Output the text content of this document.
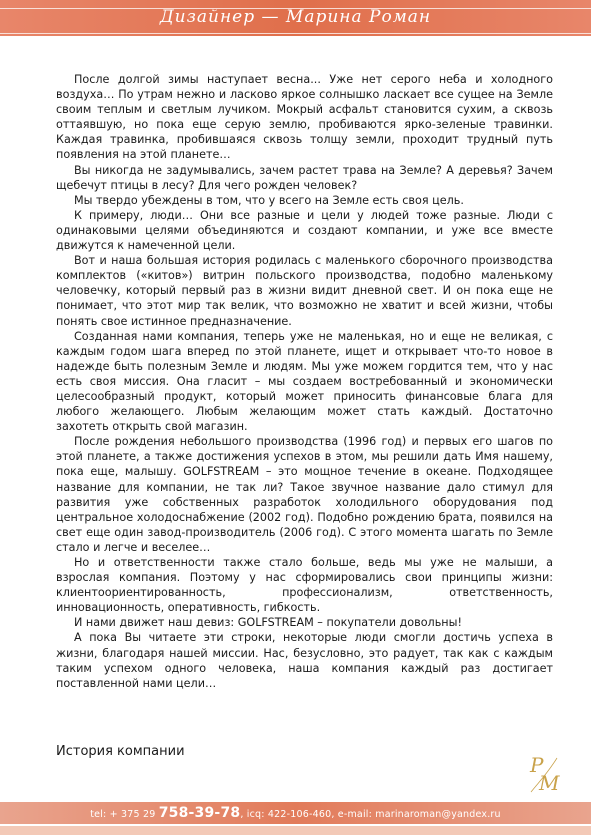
Дизайнер — Марина Роман

После долгой зимы наступает весна... Уже нет серого неба и холодного воздуха… По утрам нежно и ласково яркое солнышко ласкает все сущее на Земле своим теплым и светлым лучиком. Мокрый асфальт становится сухим, а сквозь оттаявшую, но пока еще серую землю, пробиваются ярко-зеленые травинки. Каждая травинка, пробившаяся сквозь толщу земли, проходит трудный путь появления на этой планете…

Вы никогда не задумывались, зачем растет трава на Земле? А деревья? Зачем щебечут птицы в лесу? Для чего рожден человек?

Мы твердо убеждены в том, что у всего на Земле есть своя цель.

К примеру, люди… Они все разные и цели у людей тоже разные. Люди с одинаковыми целями объединяются и создают компании, и уже все вместе движутся к намеченной цели.

Вот и наша большая история родилась с маленького сборочного производства комплектов («китов») витрин польского производства, подобно маленькому человечку, который первый раз в жизни видит дневной свет. И он пока еще не понимает, что этот мир так велик, что возможно не хватит и всей жизни, чтобы понять свое истинное предназначение.

Созданная нами компания, теперь уже не маленькая, но и еще не великая, с каждым годом шага вперед по этой планете, ищет и открывает что-то новое в надежде быть полезным Земле и людям. Мы уже можем гордится тем, что у нас есть своя миссия. Она гласит – мы создаем востребованный и экономически целесообразный продукт, который может приносить финансовые блага для любого желающего. Любым желающим может стать каждый. Достаточно захотеть открыть свой магазин.

После рождения небольшого производства (1996 год) и первых его шагов по этой планете, а также достижения успехов в этом, мы решили дать Имя нашему, пока еще, малышу. GOLFSTREAM – это мощное течение в океане. Подходящее название для компании, не так ли? Такое звучное название дало стимул для развития уже собственных разработок холодильного оборудования под центральное холодоснабжение (2002 год). Подобно рождению брата, появился на свет еще один завод-производитель (2006 год). С этого момента шагать по Земле стало и легче и веселее…

Но и ответственности также стало больше, ведь мы уже не малыши, а взрослая компания. Поэтому у нас сформировались свои принципы жизни: клиентоориентированность, профессионализм, ответственность, инновационность, оперативность, гибкость.

И нами движет наш девиз: GOLFSTREAM – покупатели довольны!

А пока Вы читаете эти строки, некоторые люди смогли достичь успеха в жизни, благодаря нашей миссии. Нас, безусловно, это радует, так как с каждым таким успехом одного человека, наша компания каждый раз достигает поставленной нами цели…

История компании
Р
М
tel: + 375 29 758-39-78, icq: 422-106-460, e-mail: marinaroman@yandex.ru
